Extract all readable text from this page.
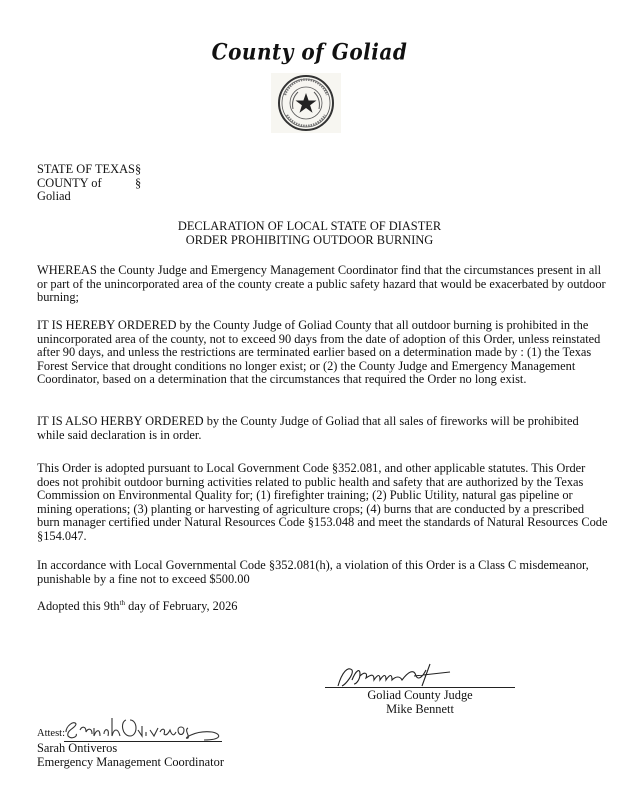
County of Goliad
STATE OF TEXAS §
COUNTY of Goliad
§
DECLARATION OF LOCAL STATE OF DIASTER
ORDER PROHIBITING OUTDOOR BURNING
WHEREAS the County Judge and Emergency Management Coordinator find that the circumstances present in all or part of the unincorporated area of the county create a public safety hazard that would be exacerbated by outdoor burning;
IT IS HEREBY ORDERED by the County Judge of Goliad County that all outdoor burning is prohibited in the unincorporated area of the county, not to exceed 90 days from the date of adoption of this Order, unless reinstated after 90 days, and unless the restrictions are terminated earlier based on a determination made by : (1) the Texas Forest Service that drought conditions no longer exist; or (2) the County Judge and Emergency Management Coordinator, based on a determination that the circumstances that required the Order no long exist.
IT IS ALSO HERBY ORDERED by the County Judge of Goliad that all sales of fireworks will be prohibited while said declaration is in order.
This Order is adopted pursuant to Local Government Code §352.081, and other applicable statutes. This Order does not prohibit outdoor burning activities related to public health and safety that are authorized by the Texas Commission on Environmental Quality for; (1) firefighter training; (2) Public Utility, natural gas pipeline or mining operations; (3) planting or harvesting of agriculture crops; (4) burns that are conducted by a prescribed burn manager certified under Natural Resources Code §153.048 and meet the standards of Natural Resources Code §154.047.
In accordance with Local Governmental Code §352.081(h), a violation of this Order is a Class C misdemeanor, punishable by a fine not to exceed $500.00
Adopted this $9th^{th}$ day of February, 2026
Goliad County Judge
Mike Bennett
Attest:
Sarah Ontiveros
Emergency Management Coordinator
